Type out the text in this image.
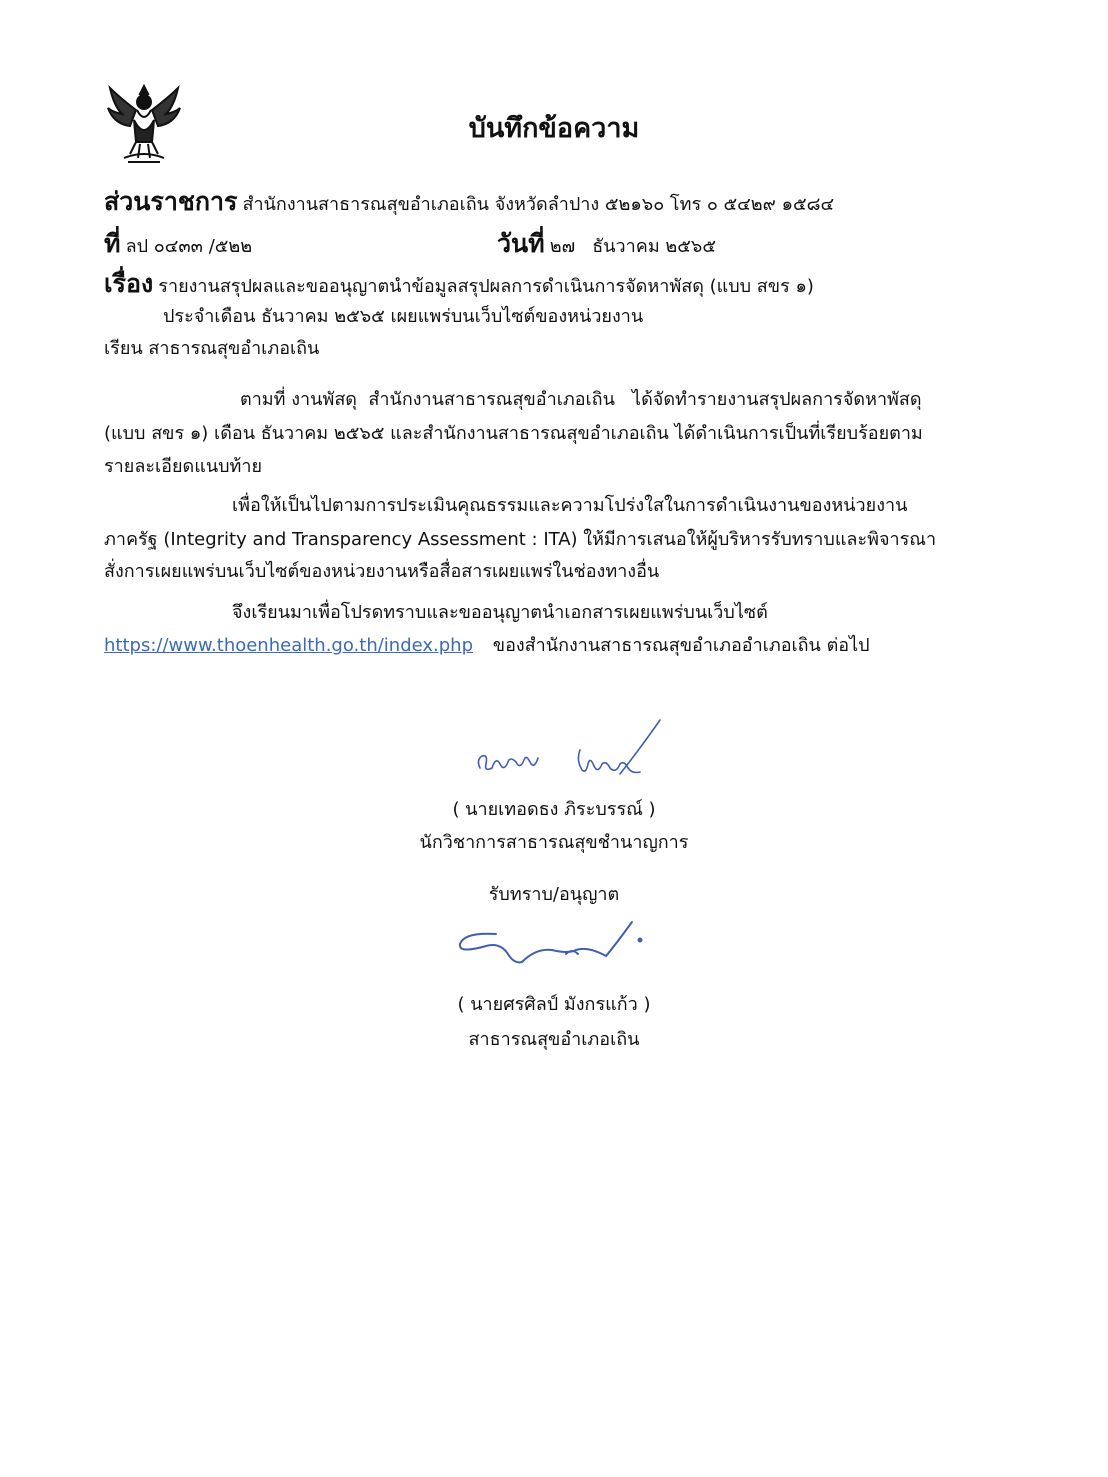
บันทึกข้อความ
ส่วนราชการ สำนักงานสาธารณสุขอำเภอเถิน จังหวัดลำปาง ๕๒๑๖๐ โทร ๐ ๕๔๒๙ ๑๕๘๔
ที่ ลป ๐๔๓๓ /๕๒๒	วันที่ ๒๗   ธันวาคม ๒๕๖๕
เรื่อง รายงานสรุปผลและขออนุญาตนำข้อมูลสรุปผลการดำเนินการจัดหาพัสดุ (แบบ สขร ๑)
ประจำเดือน ธันวาคม ๒๕๖๕ เผยแพร่บนเว็บไซต์ของหน่วยงาน
เรียน สาธารณสุขอำเภอเถิน
ตามที่ งานพัสดุ  สำนักงานสาธารณสุขอำเภอเถิน   ได้จัดทำรายงานสรุปผลการจัดหาพัสดุ
(แบบ สขร ๑) เดือน ธันวาคม ๒๕๖๕ และสำนักงานสาธารณสุขอำเภอเถิน ได้ดำเนินการเป็นที่เรียบร้อยตาม
รายละเอียดแนบท้าย
เพื่อให้เป็นไปตามการประเมินคุณธรรมและความโปร่งใสในการดำเนินงานของหน่วยงาน
ภาครัฐ (Integrity and Transparency Assessment : ITA) ให้มีการเสนอให้ผู้บริหารรับทราบและพิจารณา
สั่งการเผยแพร่บนเว็บไซต์ของหน่วยงานหรือสื่อสารเผยแพร่ในช่องทางอื่น
จึงเรียนมาเพื่อโปรดทราบและขออนุญาตนำเอกสารเผยแพร่บนเว็บไซต์
https://www.thoenhealth.go.th/index.php ของสำนักงานสาธารณสุขอำเภออำเภอเถิน ต่อไป
( นายเทอดธง ภิระบรรณ์ )
นักวิชาการสาธารณสุขชำนาญการ
รับทราบ/อนุญาต
( นายศรศิลป์ มังกรแก้ว )
สาธารณสุขอำเภอเถิน
